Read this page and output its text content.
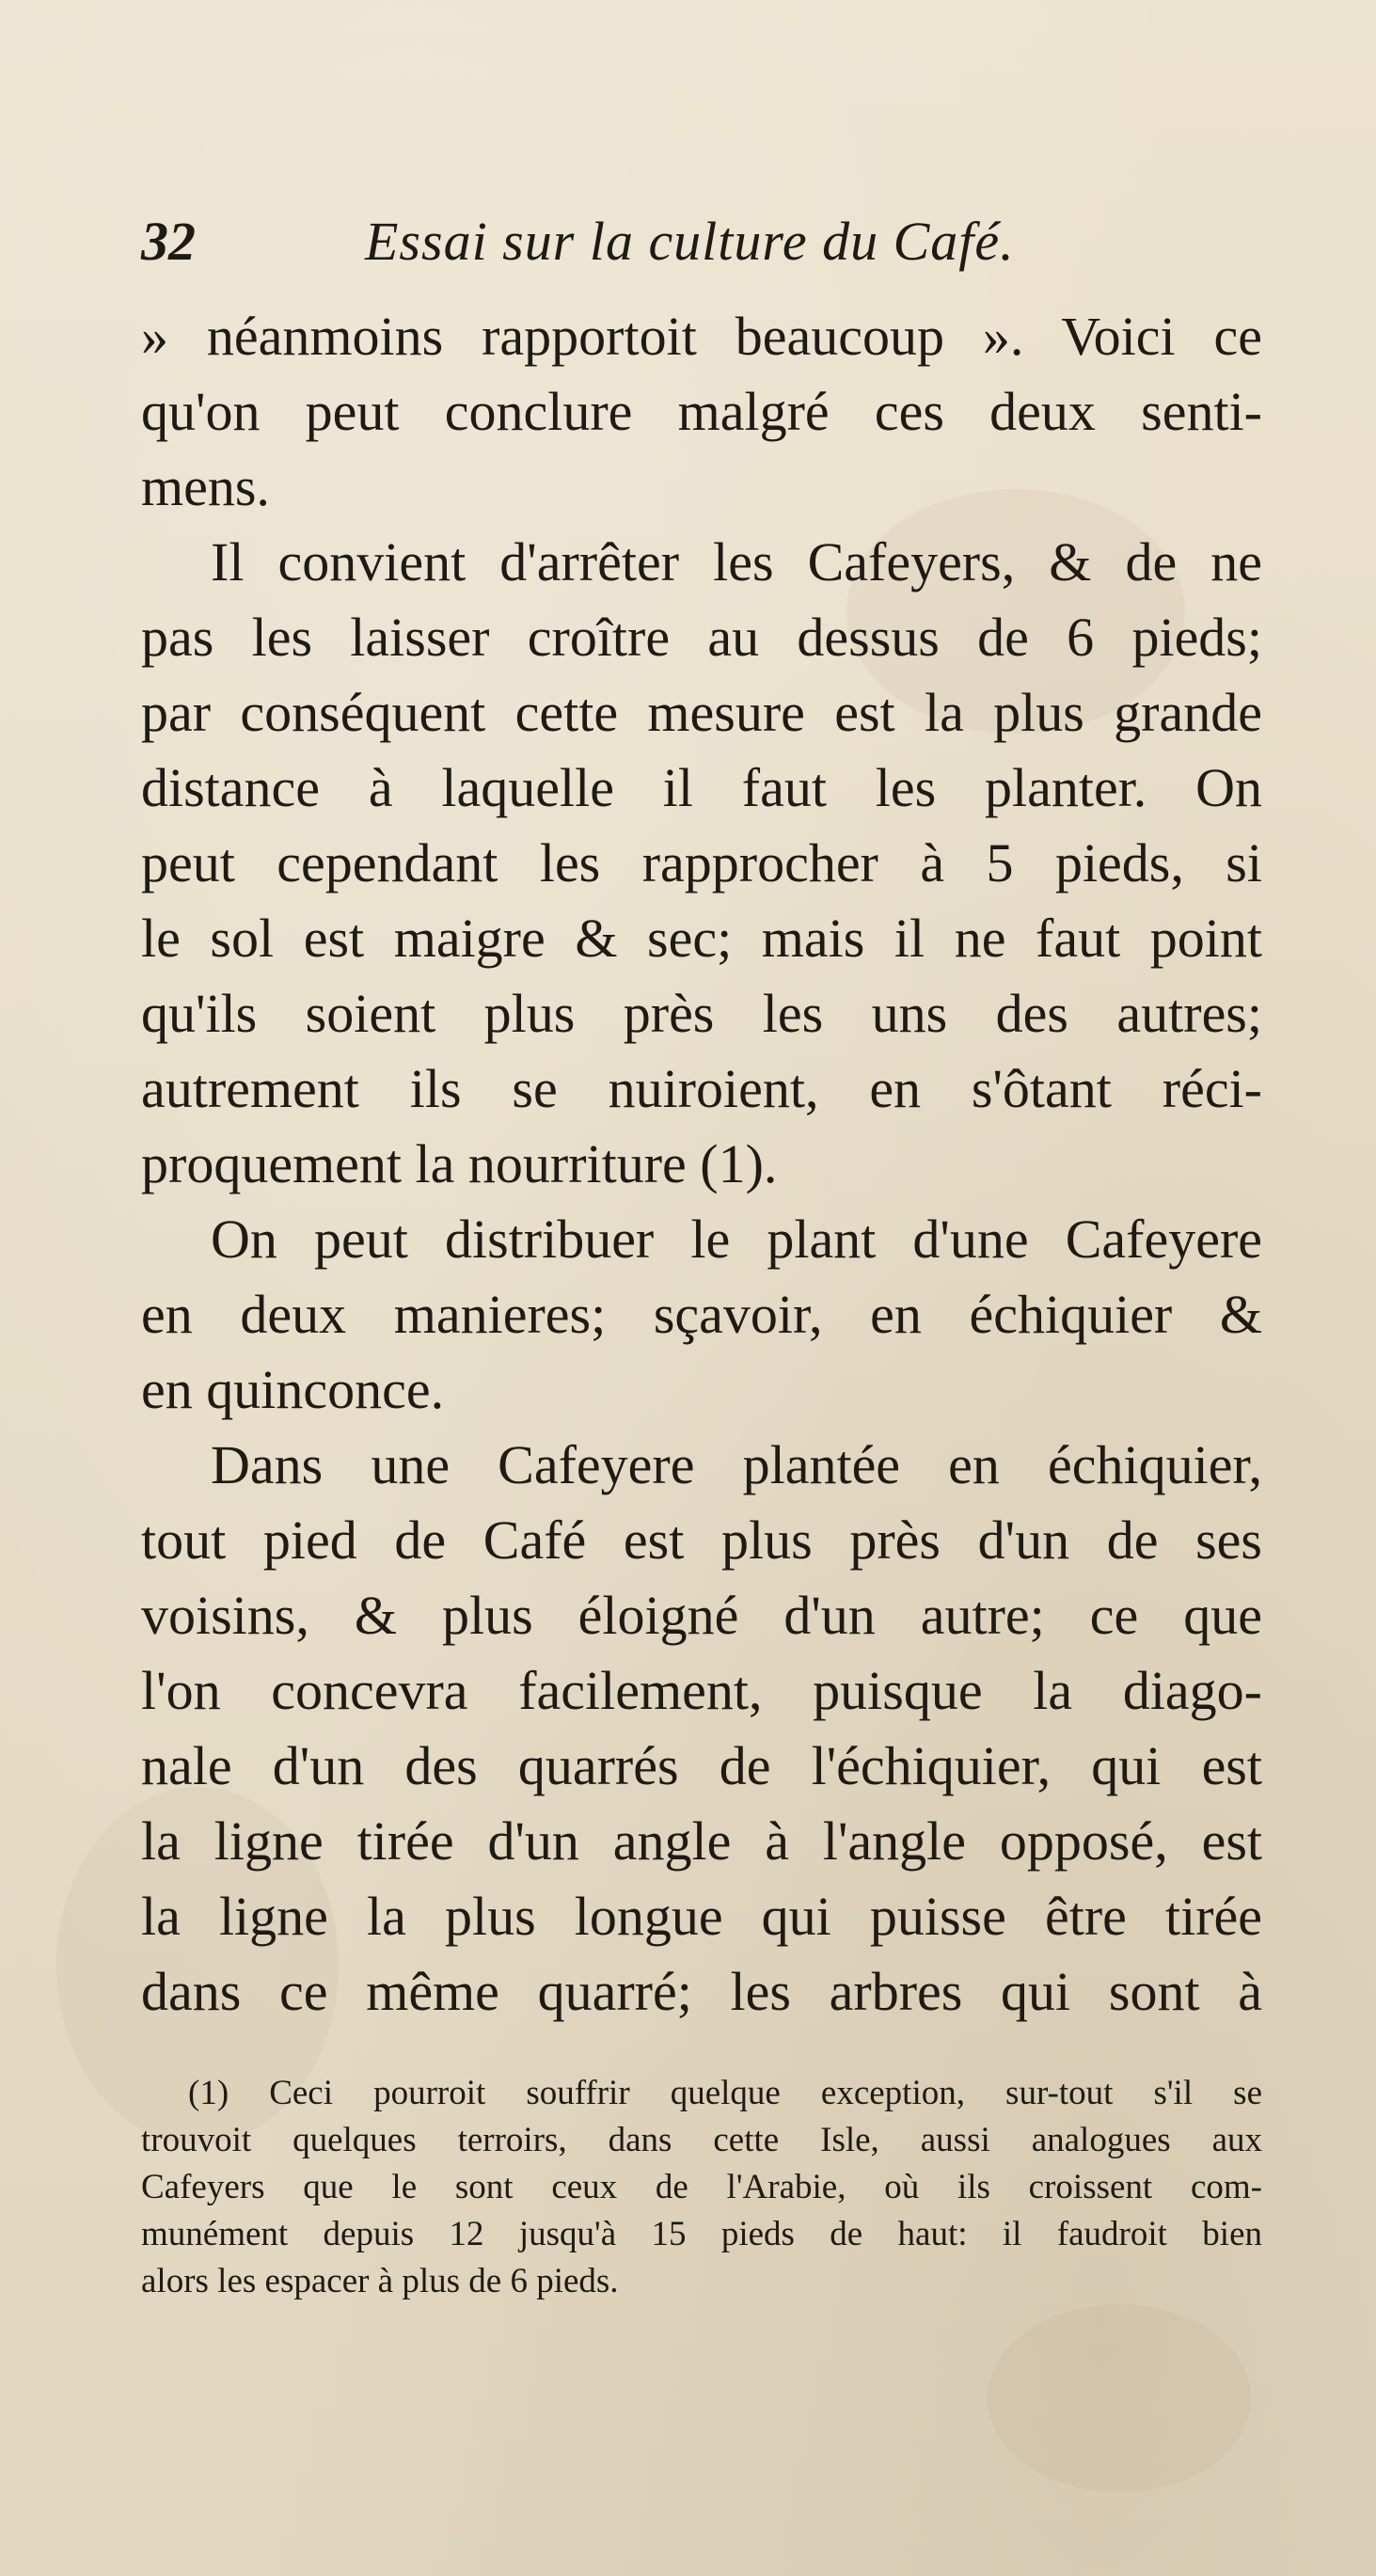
32	Essai sur la culture du Café.
» néanmoins rapportoit beaucoup ». Voici ce
qu'on peut conclure malgré ces deux senti-
mens.
Il convient d'arrêter les Cafeyers, & de ne
pas les laisser croître au dessus de 6 pieds;
par conséquent cette mesure est la plus grande
distance à laquelle il faut les planter. On
peut cependant les rapprocher à 5 pieds, si
le sol est maigre & sec; mais il ne faut point
qu'ils soient plus près les uns des autres;
autrement ils se nuiroient, en s'ôtant réci-
proquement la nourriture (1).
On peut distribuer le plant d'une Cafeyere
en deux manieres; sçavoir, en échiquier &
en quinconce.
Dans une Cafeyere plantée en échiquier,
tout pied de Café est plus près d'un de ses
voisins, & plus éloigné d'un autre; ce que
l'on concevra facilement, puisque la diago-
nale d'un des quarrés de l'échiquier, qui est
la ligne tirée d'un angle à l'angle opposé, est
la ligne la plus longue qui puisse être tirée
dans ce même quarré; les arbres qui sont à
(1) Ceci pourroit souffrir quelque exception, sur-tout s'il se
trouvoit quelques terroirs, dans cette Isle, aussi analogues aux
Cafeyers que le sont ceux de l'Arabie, où ils croissent com-
munément depuis 12 jusqu'à 15 pieds de haut: il faudroit bien
alors les espacer à plus de 6 pieds.
